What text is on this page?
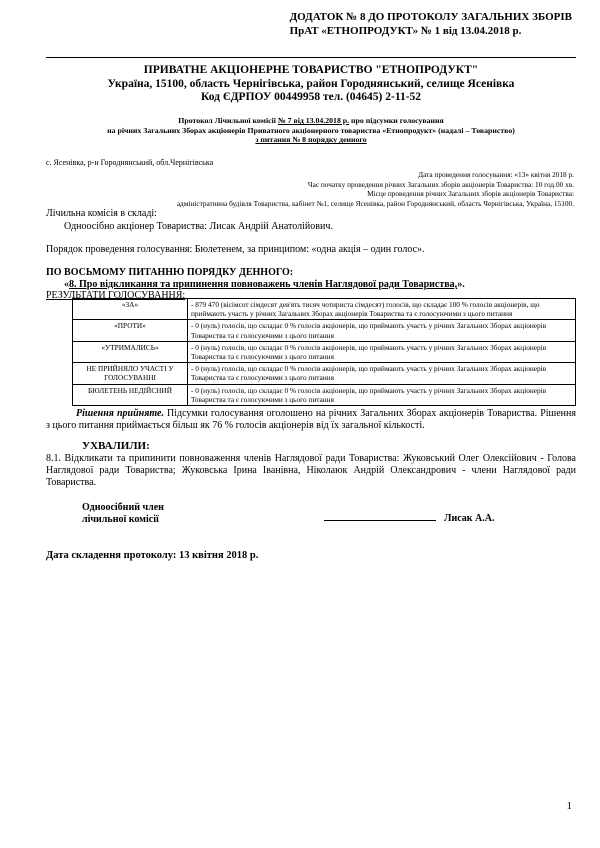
ДОДАТОК № 8 ДО ПРОТОКОЛУ ЗАГАЛЬНИХ ЗБОРІВ
ПрАТ «ЕТНОПРОДУКТ» № 1 від 13.04.2018 р.
ПРИВАТНЕ АКЦІОНЕРНЕ ТОВАРИСТВО "ЕТНОПРОДУКТ"
Україна, 15100, область Чернігівська, район Городнянський, селище Ясенівка
Код ЄДРПОУ 00449958 тел. (04645) 2-11-52
Протокол Лічильної комісії № 7 від 13.04.2018 р. про підсумки голосування
на річних Загальних Зборах акціонерів Приватного акціонерного товариства «Етнопродукт» (надалі – Товариство)
з питання № 8 порядку денного
с. Ясенівка, р-н Городнянський, обл.Чернігівська
Дата проведення голосування: «13» квітня 2018 р.
Час початку проведення річних Загальних зборів акціонерів Товариства: 10 год.00 хв.
Місце проведення річних Загальних зборів акціонерів Товариства:
адміністративна будівля Товариства, кабінет №1, селище Ясенівка, район Городнянський, область Чернігівська, Україна, 15100.
Лічильна комісія в складі:
Одноосібно акціонер Товариства: Лисак Андрій Анатолійович.
Порядок проведення голосування: Бюлетенем, за принципом: «одна акція – один голос».
ПО ВОСЬМОМУ ПИТАННЮ ПОРЯДКУ ДЕННОГО:
«8. Про відкликання та припинення повноважень членів Наглядової ради Товариства,».
РЕЗУЛЬТАТИ ГОЛОСУВАННЯ:
«ЗА»	- 879 470 (вісімсот сімдесят дев'ять тисяч чотириста сімдесят) голосів, що складає 100 % голосів акціонерів, що приймають участь у річних Загальних Зборах акціонерів Товариства та є голосуючими з цього питання
«ПРОТИ»	- 0 (нуль) голосів, що складає 0 % голосів акціонерів, що приймають участь у річних Загальних Зборах акціонерів Товариства та є голосуючими з цього питання
«УТРИМАЛИСЬ»	- 0 (нуль) голосів, що складає 0 % голосів акціонерів, що приймають участь у річних Загальних Зборах акціонерів Товариства та є голосуючими з цього питання
НЕ ПРИЙНЯЛО УЧАСТІ У ГОЛОСУВАННІ	- 0 (нуль) голосів, що складає 0 % голосів акціонерів, що приймають участь у річних Загальних Зборах акціонерів Товариства та є голосуючими з цього питання
БЮЛЕТЕНЬ НЕДІЙСНИЙ	- 0 (нуль) голосів, що складає 0 % голосів акціонерів, що приймають участь у річних Загальних Зборах акціонерів Товариства та є голосуючими з цього питання
Рішення прийняте. Підсумки голосування оголошено на річних Загальних Зборах акціонерів Товариства. Рішення з цього питання приймається більш як 76 % голосів акціонерів від їх загальної кількості.
УХВАЛИЛИ:
8.1. Відкликати та припинити повноваження членів Наглядової ради Товариства: Жуковський Олег Олексійович - Голова Наглядової ради Товариства; Жуковська Ірина Іванівна, Ніколаюк Андрій Олександрович - члени Наглядової ради Товариства.
Одноосібний член
лічильної комісії	Лисак А.А.
Дата складення протоколу: 13 квітня 2018 р.
1
